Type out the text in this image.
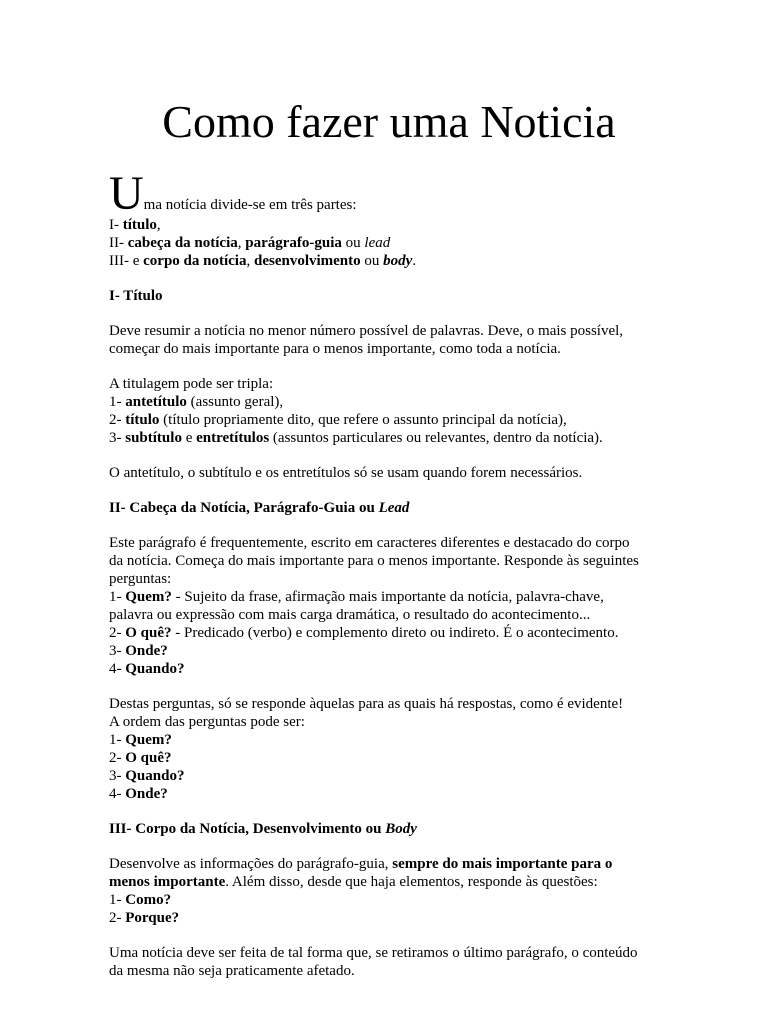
Como fazer uma Noticia

Uma notícia divide-se em três partes:
I- título,
II- cabeça da notícia, parágrafo-guia ou lead
III- e corpo da notícia, desenvolvimento ou body.

I- Título

Deve resumir a notícia no menor número possível de palavras. Deve, o mais possível,
começar do mais importante para o menos importante, como toda a notícia.

A titulagem pode ser tripla:
1- antetítulo (assunto geral),
2- título (título propriamente dito, que refere o assunto principal da notícia),
3- subtítulo e entretítulos (assuntos particulares ou relevantes, dentro da notícia).

O antetítulo, o subtítulo e os entretítulos só se usam quando forem necessários.

II- Cabeça da Notícia, Parágrafo-Guia ou Lead

Este parágrafo é frequentemente, escrito em caracteres diferentes e destacado do corpo
da notícia. Começa do mais importante para o menos importante. Responde às seguintes
perguntas:
1- Quem? - Sujeito da frase, afirmação mais importante da notícia, palavra-chave,
palavra ou expressão com mais carga dramática, o resultado do acontecimento...
2- O quê? - Predicado (verbo) e complemento direto ou indireto. É o acontecimento.
3- Onde?
4- Quando?

Destas perguntas, só se responde àquelas para as quais há respostas, como é evidente!
A ordem das perguntas pode ser:
1- Quem?
2- O quê?
3- Quando?
4- Onde?

III- Corpo da Notícia, Desenvolvimento ou Body

Desenvolve as informações do parágrafo-guia, sempre do mais importante para o
menos importante. Além disso, desde que haja elementos, responde às questões:
1- Como?
2- Porque?

Uma notícia deve ser feita de tal forma que, se retiramos o último parágrafo, o conteúdo
da mesma não seja praticamente afetado.
